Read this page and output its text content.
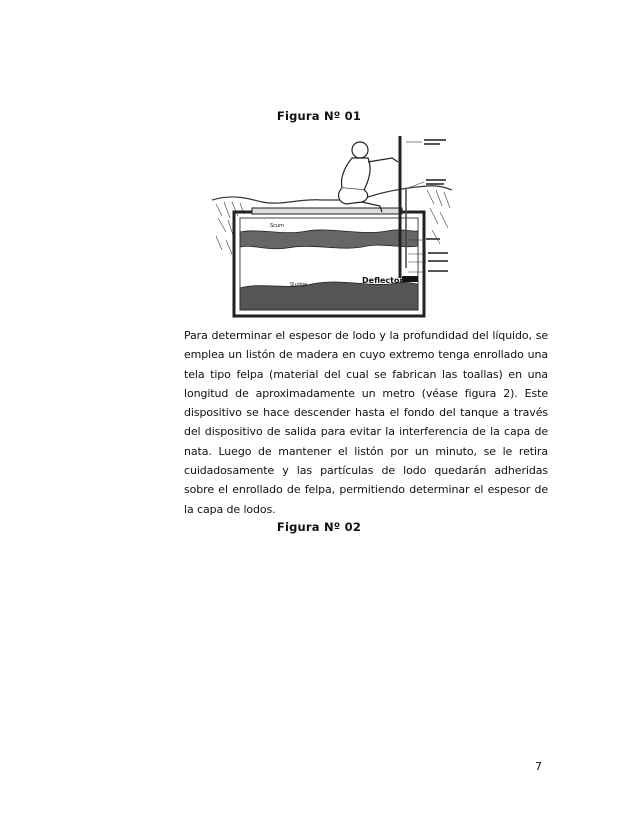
Figura Nº 01
Scum
Sludge	Deflector
Para determinar el espesor de lodo y la profundidad del líquido, se emplea un listón de madera en cuyo extremo tenga enrollado una tela tipo felpa (material del cual se fabrican las toallas) en una longitud de aproximadamente un metro (véase figura 2). Este dispositivo se hace descender hasta el fondo del tanque a través del dispositivo de salida para evitar la interferencia de la capa de nata. Luego de mantener el listón por un minuto, se le retira cuidadosamente y las partículas de lodo quedarán adheridas sobre el enrollado de felpa, permitiendo determinar el espesor de la capa de lodos.
Figura Nº 02
7
